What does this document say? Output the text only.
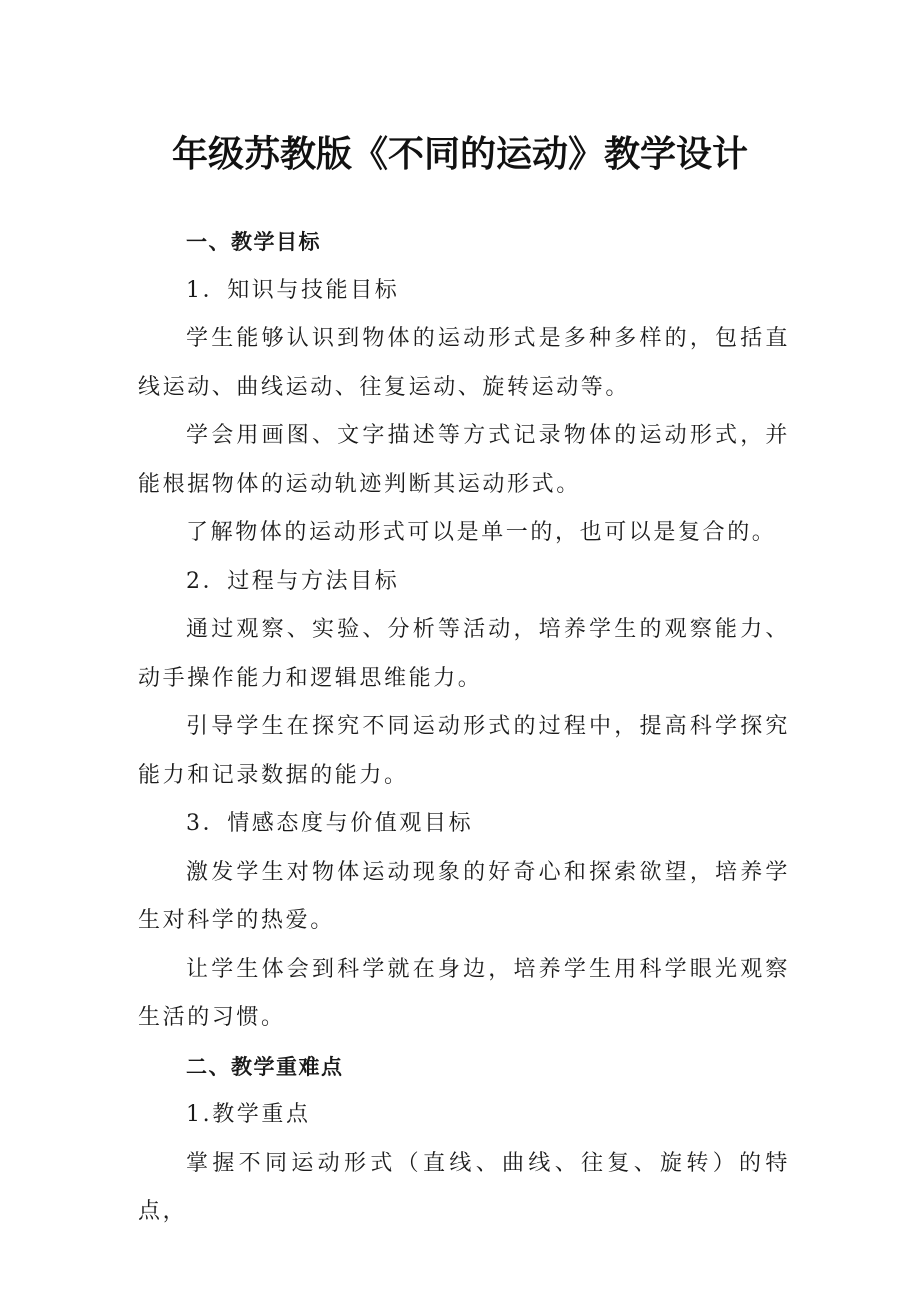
年级苏教版《不同的运动》教学设计

一、教学目标

1．知识与技能目标

学生能够认识到物体的运动形式是多种多样的，包括直线运动、曲线运动、往复运动、旋转运动等。

学会用画图、文字描述等方式记录物体的运动形式，并能根据物体的运动轨迹判断其运动形式。

了解物体的运动形式可以是单一的，也可以是复合的。

2．过程与方法目标

通过观察、实验、分析等活动，培养学生的观察能力、动手操作能力和逻辑思维能力。

引导学生在探究不同运动形式的过程中，提高科学探究能力和记录数据的能力。

3．情感态度与价值观目标

激发学生对物体运动现象的好奇心和探索欲望，培养学生对科学的热爱。

让学生体会到科学就在身边，培养学生用科学眼光观察生活的习惯。

二、教学重难点

1.教学重点

掌握不同运动形式（直线、曲线、往复、旋转）的特点，
